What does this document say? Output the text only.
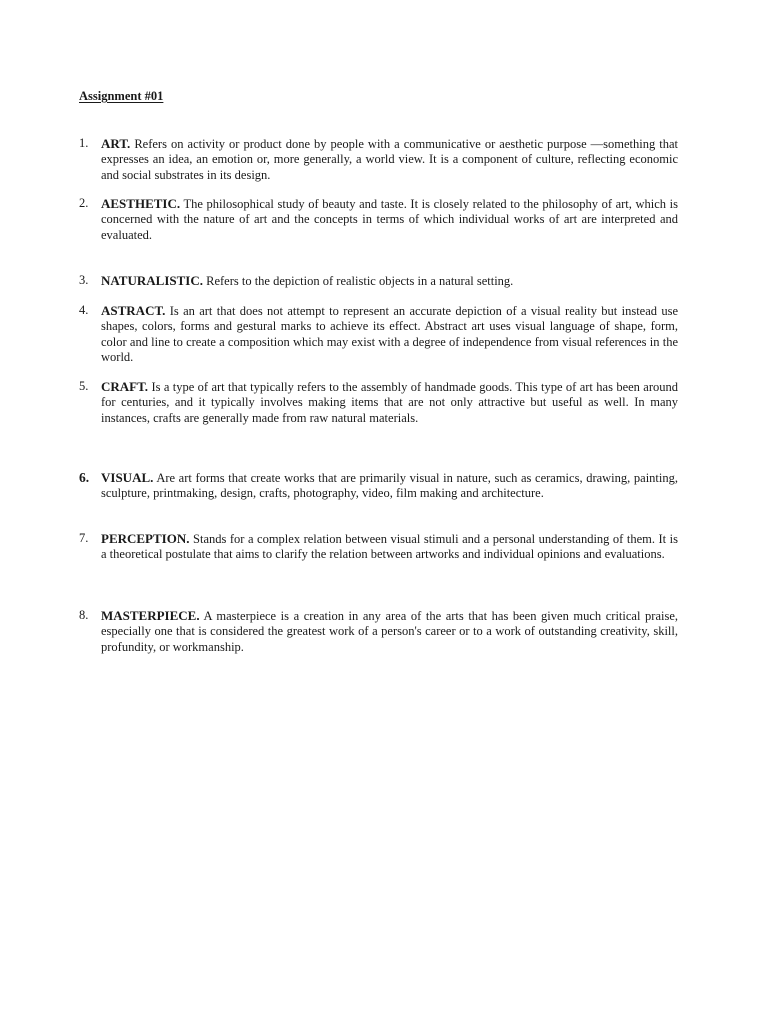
Assignment #01
1. ART. Refers on activity or product done by people with a communicative or aesthetic purpose —something that expresses an idea, an emotion or, more generally, a world view. It is a component of culture, reflecting economic and social substrates in its design.
2. AESTHETIC. The philosophical study of beauty and taste. It is closely related to the philosophy of art, which is concerned with the nature of art and the concepts in terms of which individual works of art are interpreted and evaluated.
3. NATURALISTIC. Refers to the depiction of realistic objects in a natural setting.
4. ASTRACT. Is an art that does not attempt to represent an accurate depiction of a visual reality but instead use shapes, colors, forms and gestural marks to achieve its effect. Abstract art uses visual language of shape, form, color and line to create a composition which may exist with a degree of independence from visual references in the world.
5. CRAFT. Is a type of art that typically refers to the assembly of handmade goods. This type of art has been around for centuries, and it typically involves making items that are not only attractive but useful as well. In many instances, crafts are generally made from raw natural materials.
6. VISUAL. Are art forms that create works that are primarily visual in nature, such as ceramics, drawing, painting, sculpture, printmaking, design, crafts, photography, video, film making and architecture.
7. PERCEPTION. Stands for a complex relation between visual stimuli and a personal understanding of them. It is a theoretical postulate that aims to clarify the relation between artworks and individual opinions and evaluations.
8. MASTERPIECE. A masterpiece is a creation in any area of the arts that has been given much critical praise, especially one that is considered the greatest work of a person's career or to a work of outstanding creativity, skill, profundity, or workmanship.
